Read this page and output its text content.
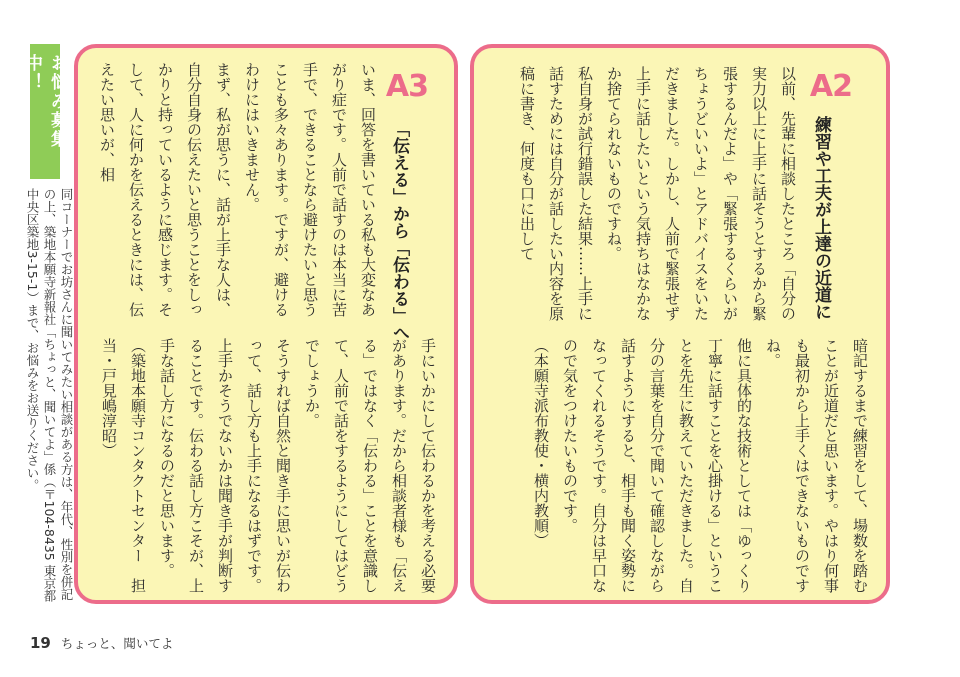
お悩み募集中！

同コーナーでお坊さんに聞いてみたい相談がある方は、年代、性別を併記の上、築地本願寺新報社「ちょっと、聞いてよ」係（〒104-8435 東京都中央区築地3-15-1）まで、お悩みをお送りください。

A3
「伝える」から「伝わる」へ

いま、回答を書いている私も大変なあがり症です。人前で話すのは本当に苦手で、できることなら避けたいと思うことも多々あります。ですが、避けるわけにはいきません。

まず、私が思うに、話が上手な人は、自分自身の伝えたいと思うことをしっかりと持っているように感じます。そして、人に何かを伝えるときには、伝えたい思いが、相

手にいかにして伝わるかを考える必要があります。だから相談者様も「伝える」ではなく「伝わる」ことを意識して、人前で話をするようにしてはどうでしょうか。

そうすれば自然と聞き手に思いが伝わって、話し方も上手になるはずです。上手かそうでないかは聞き手が判断することです。伝わる話し方こそが、上手な話し方になるのだと思います。

（築地本願寺コンタクトセンター　担当・戸見嶋淳昭）

A2
練習や工夫が上達の近道に

以前、先輩に相談したところ「自分の実力以上に上手に話そうとするから緊張するんだよ」や「緊張するくらいがちょうどいいよ」とアドバイスをいただきました。しかし、人前で緊張せず上手に話したいという気持ちはなかなか捨てられないものですね。

私自身が試行錯誤した結果……上手に話すためには自分が話したい内容を原稿に書き、何度も口に出して

暗記するまで練習をして、場数を踏むことが近道だと思います。やはり何事も最初から上手くはできないものですね。

他に具体的な技術としては「ゆっくり丁寧に話すことを心掛ける」ということを先生に教えていただきました。自分の言葉を自分で聞いて確認しながら話すようにすると、相手も聞く姿勢になってくれるそうです。自分は早口なので気をつけたいものです。

（本願寺派布教使・横内教順）

19 ちょっと、聞いてよ
